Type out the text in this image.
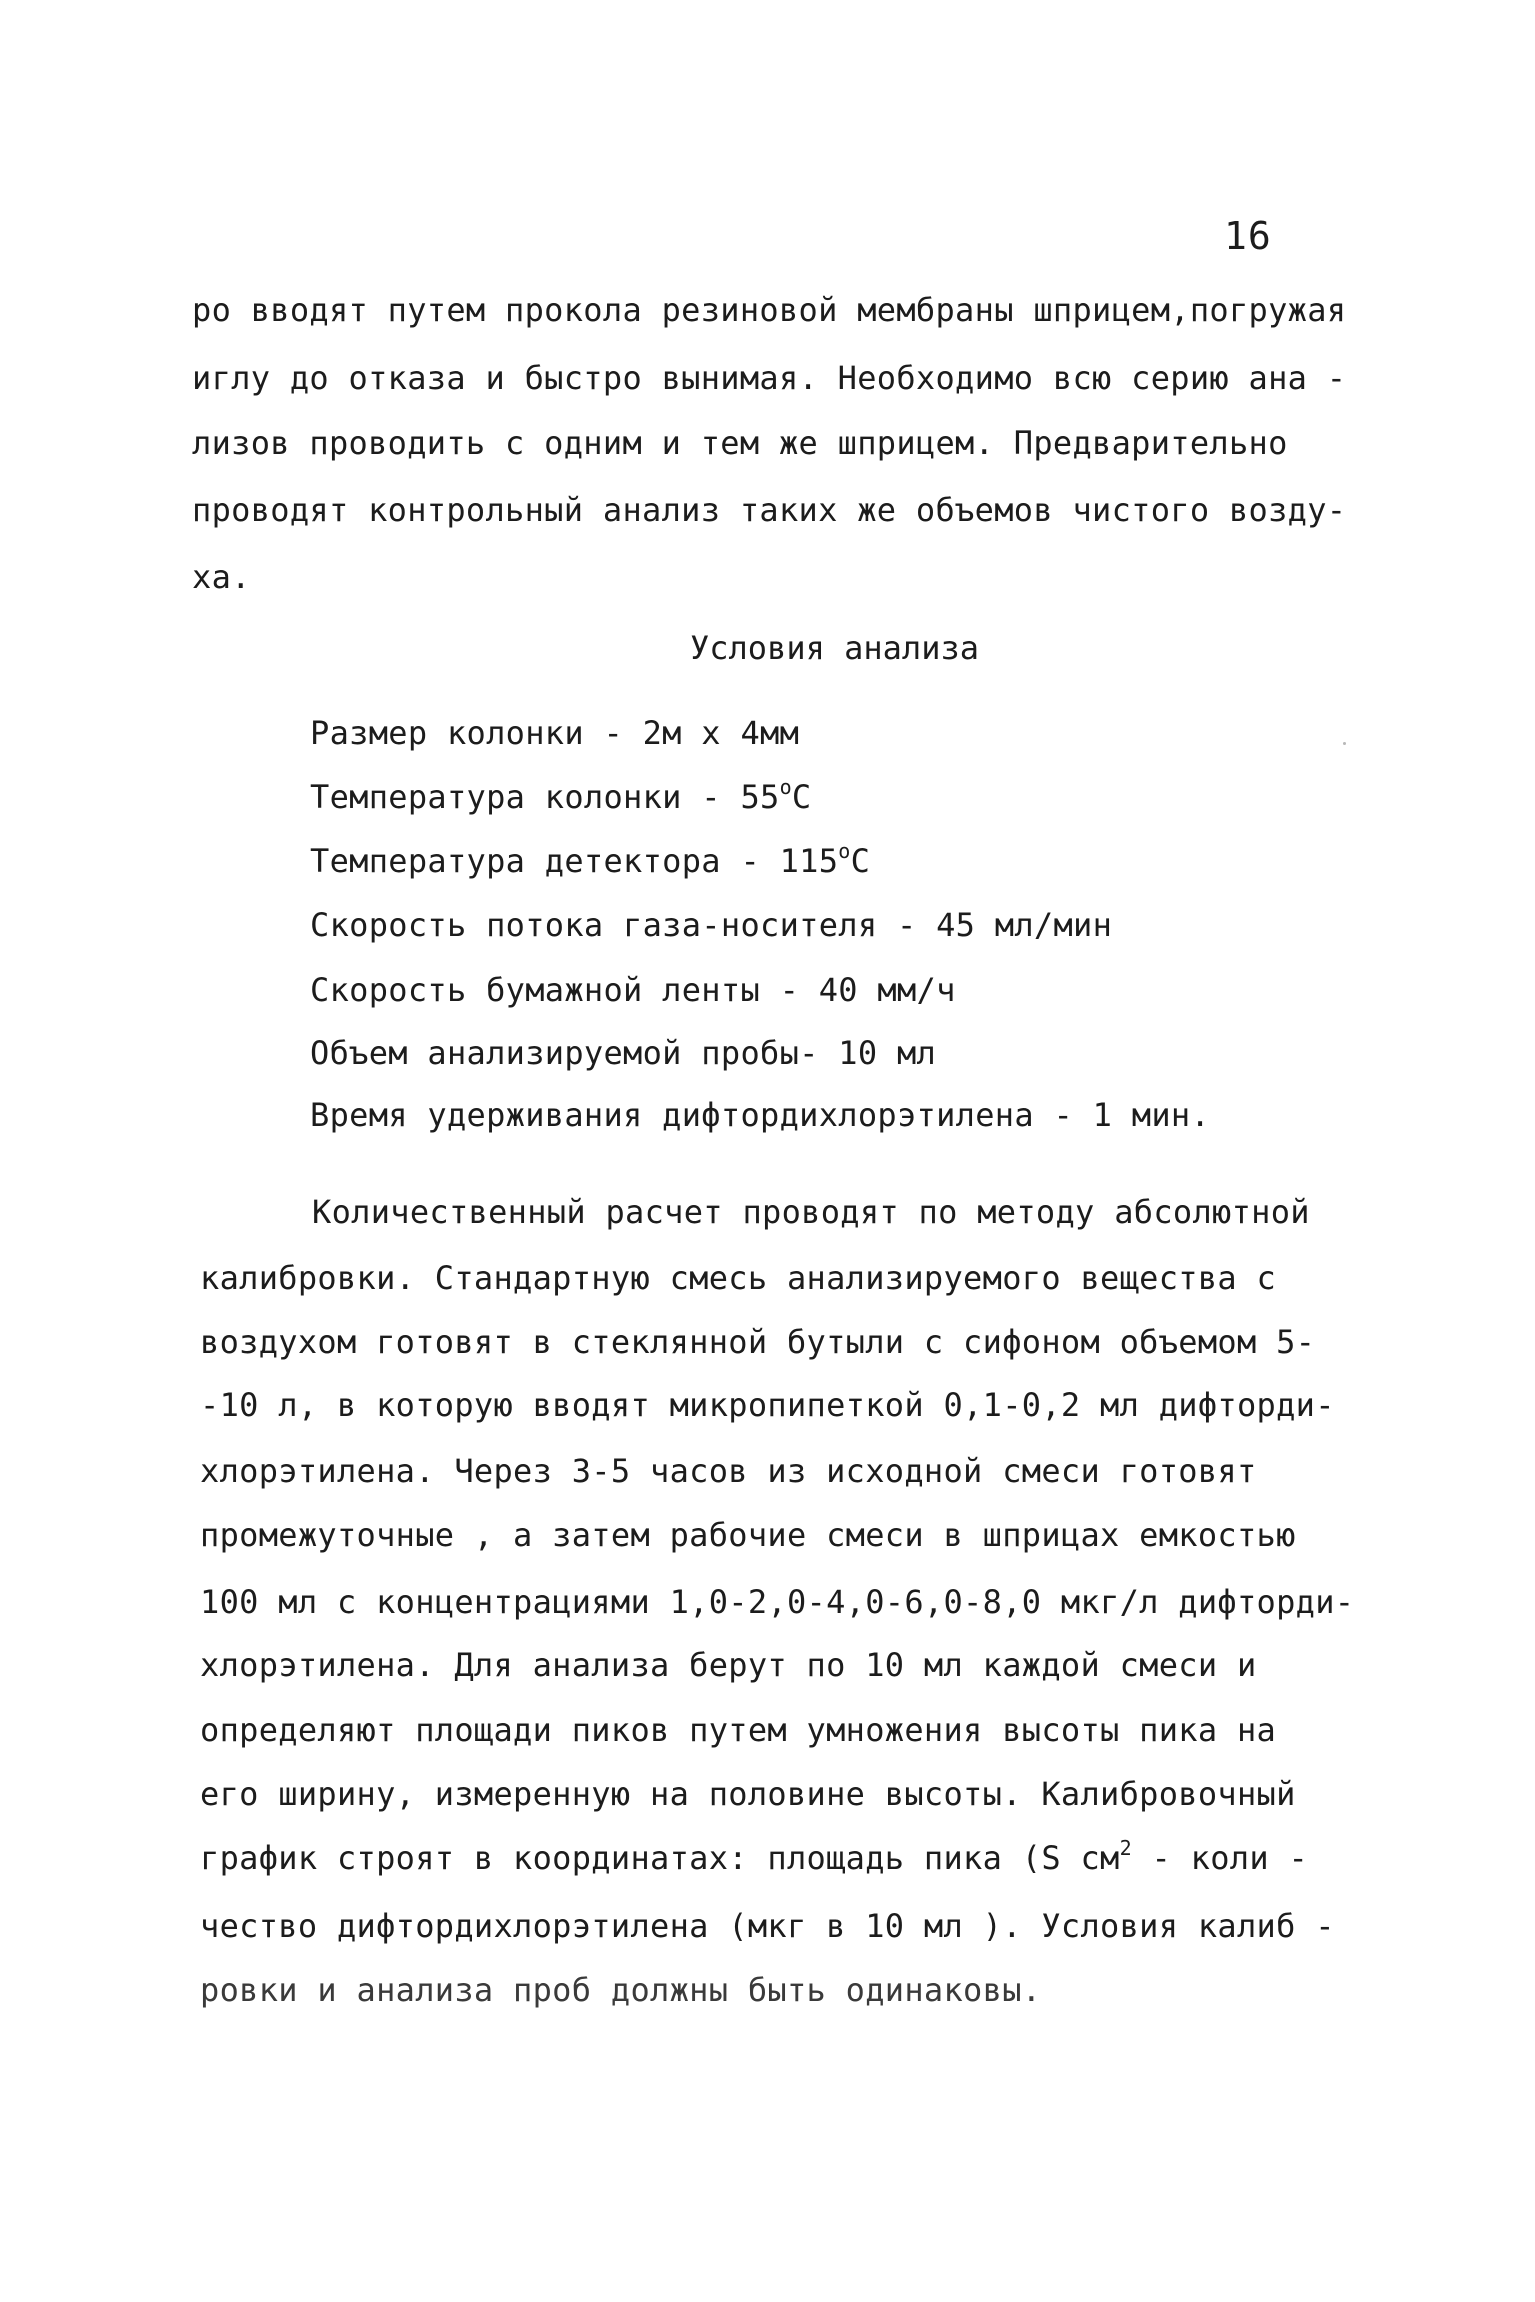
16
ро вводят путем прокола резиновой мембраны шприцем,погружая
иглу до отказа и быстро вынимая. Необходимо всю серию ана -
лизов проводить с одним и тем же шприцем. Предварительно
проводят контрольный анализ таких же объемов чистого возду-
ха.
Условия анализа
Размер колонки - 2м х 4мм
Температура колонки - 55$^o$С
Температура детектора - 115$^o$С
Скорость потока газа-носителя - 45 мл/мин
Скорость бумажной ленты - 40 мм/ч
Объем анализируемой пробы- 10 мл
Время удерживания дифтордихлорэтилена - 1 мин.
Количественный расчет проводят по методу абсолютной
калибровки. Стандартную смесь анализируемого вещества с
воздухом готовят в стеклянной бутыли с сифоном объемом 5-
-10 л, в которую вводят микропипеткой 0,1-0,2 мл дифторди-
хлорэтилена. Через 3-5 часов из исходной смеси готовят
промежуточные , а затем рабочие смеси в шприцах емкостью
100 мл с концентрациями 1,0-2,0-4,0-6,0-8,0 мкг/л дифторди-
хлорэтилена. Для анализа берут по 10 мл каждой смеси и
определяют площади пиков путем умножения высоты пика на
его ширину, измеренную на половине высоты. Калибровочный
график строят в координатах: площадь пика (S $см^2$ - коли -
чество дифтордихлорэтилена (мкг в 10 мл ). Условия калиб -
ровки и анализа проб должны быть одинаковы.
